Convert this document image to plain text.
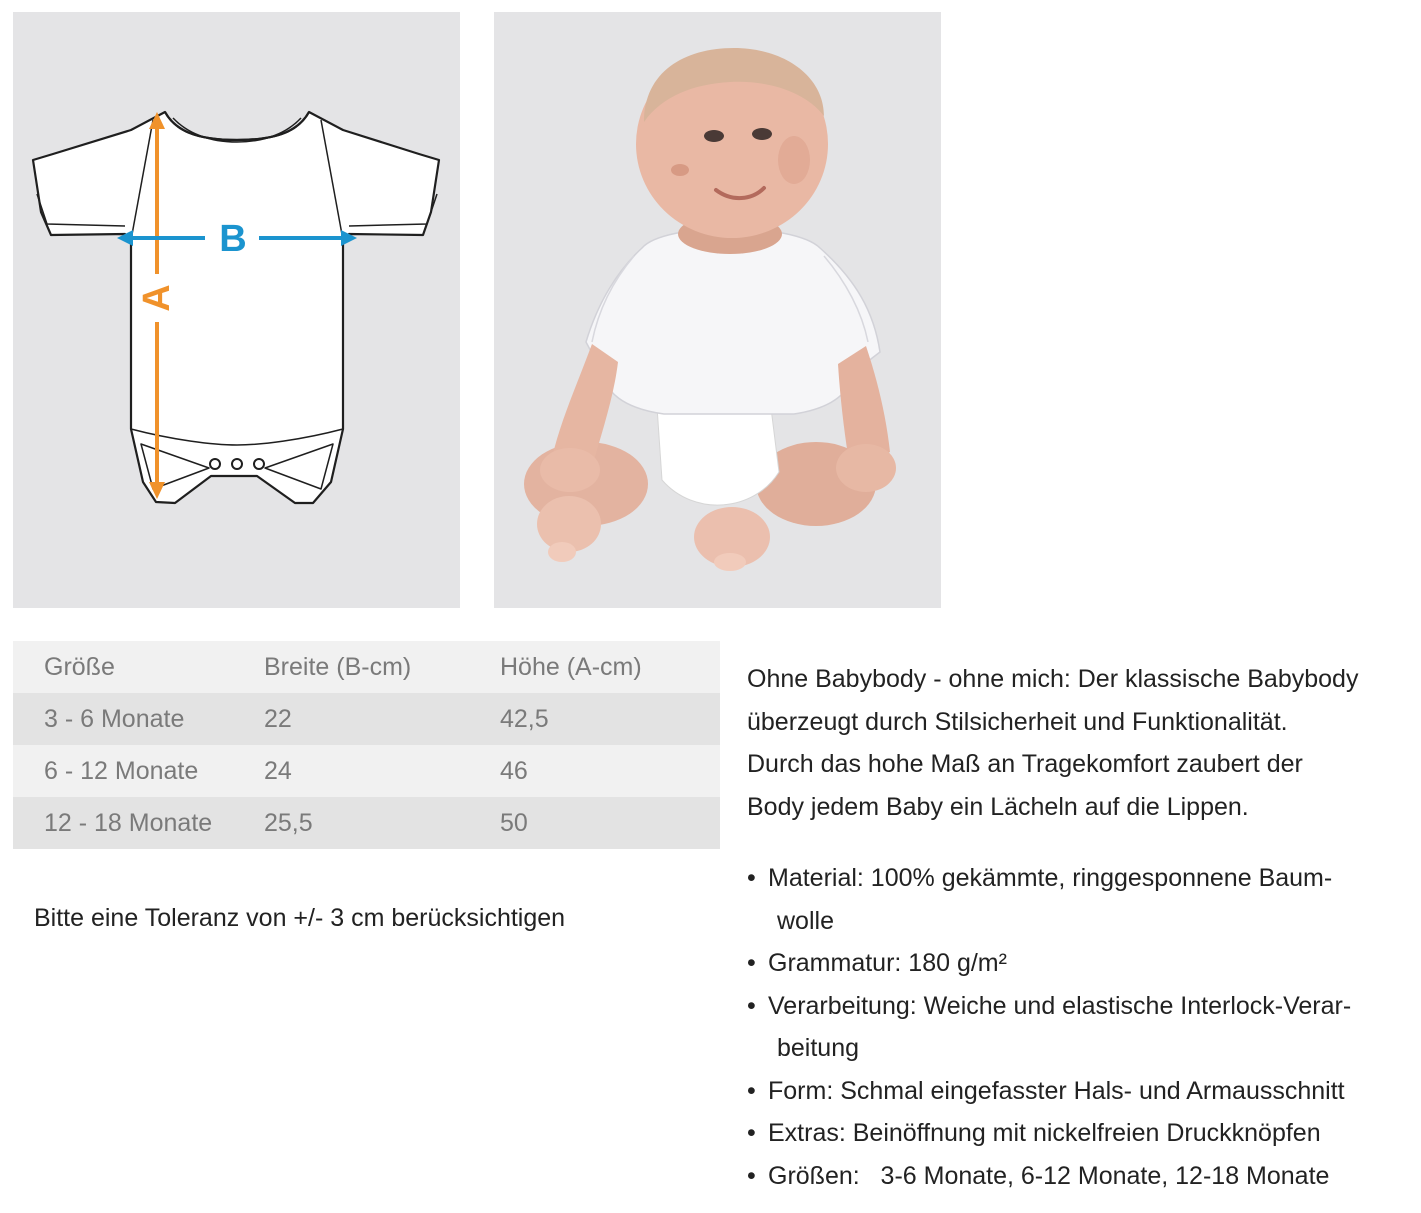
A
B
Größe	Breite (B-cm)	Höhe (A-cm)
3 - 6 Monate	22	42,5
6 - 12 Monate	24	46
12 - 18 Monate	25,5	50
Bitte eine Toleranz von +/- 3 cm berücksichtigen

Ohne Babybody - ohne mich: Der klassische Babybody
überzeugt durch Stilsicherheit und Funktionalität.
Durch das hohe Maß an Tragekomfort zaubert der
Body jedem Baby ein Lächeln auf die Lippen.

• Material: 100% gekämmte, ringgesponnene Baum-
wolle
• Grammatur: 180 g/m²
• Verarbeitung: Weiche und elastische Interlock-Verar-
beitung
• Form: Schmal eingefasster Hals- und Armausschnitt
• Extras: Beinöffnung mit nickelfreien Druckknöpfen
• Größen:   3-6 Monate, 6-12 Monate, 12-18 Monate
